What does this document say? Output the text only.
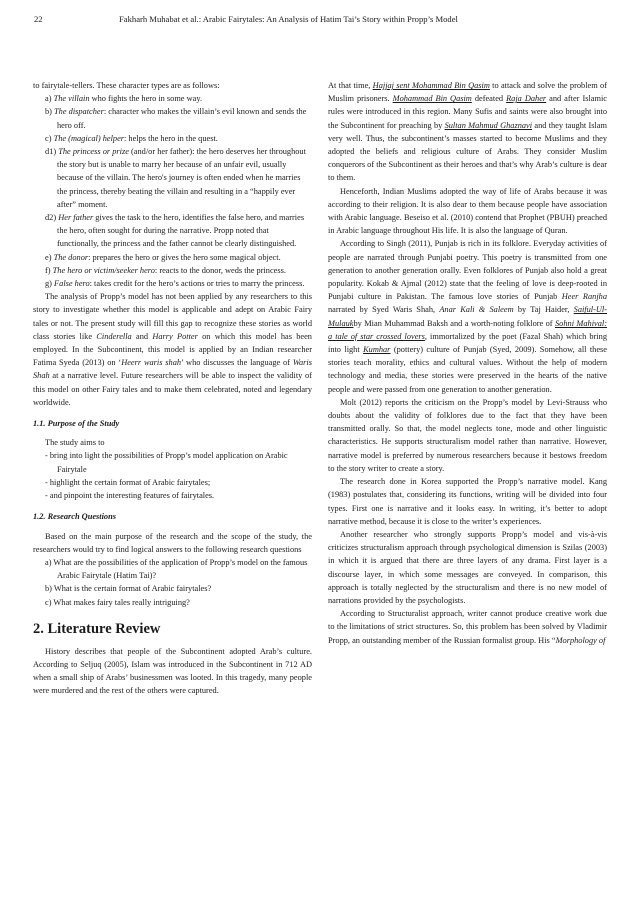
22	Fakharh Muhabat et al.: Arabic Fairytales: An Analysis of Hatim Tai’s Story within Propp’s Model

to fairytale-tellers. These character types are as follows:

a) The villain who fights the hero in some way.

b) The dispatcher: character who makes the villain’s evil known and sends the hero off.

c) The (magical) helper: helps the hero in the quest.

d1) The princess or prize (and/or her father): the hero deserves her throughout the story but is unable to marry her because of an unfair evil, usually because of the villain. The hero's journey is often ended when he marries the princess, thereby beating the villain and resulting in a “happily ever after” moment.

d2) Her father gives the task to the hero, identifies the false hero, and marries the hero, often sought for during the narrative. Propp noted that functionally, the princess and the father cannot be clearly distinguished.

e) The donor: prepares the hero or gives the hero some magical object.

f) The hero or victim/seeker hero: reacts to the donor, weds the princess.

g) False hero: takes credit for the hero’s actions or tries to marry the princess.

The analysis of Propp’s model has not been applied by any researchers to this story to investigate whether this model is applicable and adept on Arabic Fairy tales or not. The present study will fill this gap to recognize these stories as world class stories like Cinderella and Harry Potter on which this model has been employed. In the Subcontinent, this model is applied by an Indian researcher Fatima Syeda (2013) on ‘Heerr waris shah’ who discusses the language of Waris Shah at a narrative level. Future researchers will be able to inspect the validity of this model on other Fairy tales and to make them celebrated, noted and legendary worldwide.

1.1. Purpose of the Study

The study aims to

- bring into light the possibilities of Propp’s model application on Arabic Fairytale

- highlight the certain format of Arabic fairytales;

- and pinpoint the interesting features of fairytales.

1.2. Research Questions

Based on the main purpose of the research and the scope of the study, the researchers would try to find logical answers to the following research questions

a) What are the possibilities of the application of Propp’s model on the famous Arabic Fairytale (Hatim Tai)?

b) What is the certain format of Arabic fairytales?

c) What makes fairy tales really intriguing?

2. Literature Review

History describes that people of the Subcontinent adopted Arab’s culture. According to Seljuq (2005), Islam was introduced in the Subcontinent in 712 AD when a small ship of Arabs’ businessmen was looted. In this tragedy, many people were murdered and the rest of the others were captured.

At that time, Hajjaj sent Mohammad Bin Qasim to attack and solve the problem of Muslim prisoners. Mohammad Bin Qasim defeated Raja Daher and after Islamic rules were introduced in this region. Many Sufis and saints were also brought into the Subcontinent for preaching by Sultan Mahmud Ghaznavi and they taught Islam very well. Thus, the subcontinent’s masses started to become Muslims and they adopted the beliefs and religious culture of Arabs. They consider Muslim conquerors of the Subcontinent as their heroes and that’s why Arab’s culture is dear to them.

Henceforth, Indian Muslims adopted the way of life of Arabs because it was according to their religion. It is also dear to them because people have association with Arabic language. Beseiso et al. (2010) contend that Prophet (PBUH) preached in Arabic language throughout His life. It is also the language of Quran.

According to Singh (2011), Punjab is rich in its folklore. Everyday activities of people are narrated through Punjabi poetry. This poetry is transmitted from one generation to another generation orally. Even folklores of Punjab also hold a great popularity. Kokab & Ajmal (2012) state that the feeling of love is deep-rooted in Punjabi culture in Pakistan. The famous love stories of Punjab Heer Ranjha narrated by Syed Waris Shah, Anar Kali & Saleem by Taj Haider, Saiful-Ul-Mulaukby Mian Muhammad Baksh and a worth-noting folklore of Sohni Mahival: a tale of star crossed lovers, immortalized by the poet (Fazal Shah) which bring into light Kumhar (pottery) culture of Punjab (Syed, 2009). Somehow, all these stories teach morality, ethics and cultural values. Without the help of modern technology and media, these stories were preserved in the hearts of the native people and were passed from one generation to another generation.

Molt (2012) reports the criticism on the Propp’s model by Levi-Strauss who doubts about the validity of folklores due to the fact that they have been transmitted orally. So that, the model neglects tone, mode and other linguistic characteristics. He supports structuralism model rather than narrative. However, narrative model is preferred by numerous researchers because it bestows freedom to the story writer to create a story.

The research done in Korea supported the Propp’s narrative model. Kang (1983) postulates that, considering its functions, writing will be divided into four types. First one is narrative and it looks easy. In writing, it’s better to adopt narrative method, because it is close to the writer’s experiences.

Another researcher who strongly supports Propp’s model and vis-à-vis criticizes structuralism approach through psychological dimension is Szilas (2003) in which it is argued that there are three layers of any drama. First layer is a discourse layer, in which some messages are conveyed. In comparison, this approach is totally neglected by the structuralism and there is no new model of narrations provided by the psychologists.

According to Structuralist approach, writer cannot produce creative work due to the limitations of strict structures. So, this problem has been solved by Vladimir Propp, an outstanding member of the Russian formalist group. His “Morphology of
